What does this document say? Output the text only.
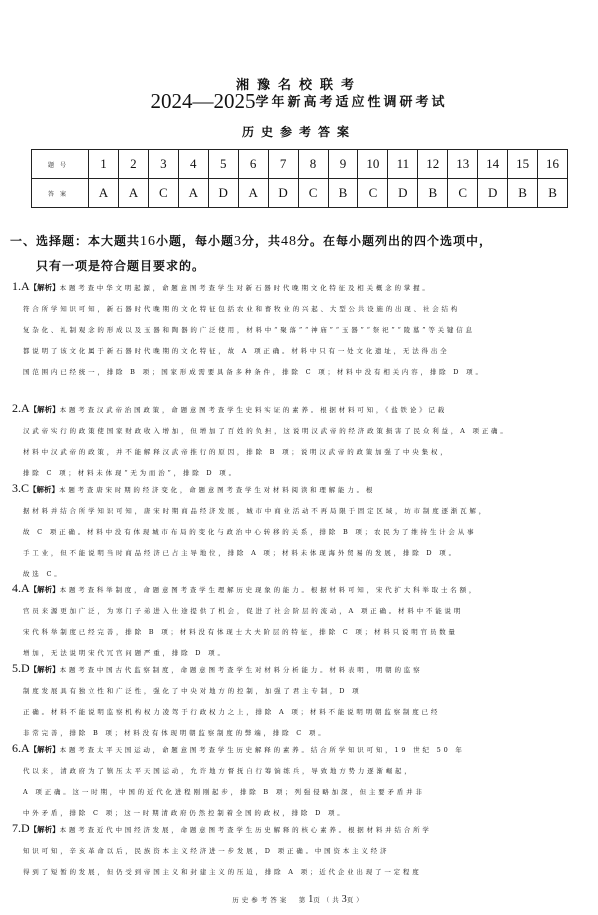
湘豫名校联考
2024—2025学年新高考适应性调研考试
历史参考答案
题号	1	2	3	4	5	6	7	8	9	10	11	12	13	14	15	16
答案	A	A	C	A	D	A	D	C	B	C	D	B	C	D	B	B
一、选择题：本大题共16小题，每小题3分，共48分。在每小题列出的四个选项中，
只有一项是符合题目要求的。

1.A【解析】本题考查中华文明起源，命题意图考查学生对新石器时代晚期文化特征及相关概念的掌握。

符合所学知识可知，新石器时代晚期的文化特征包括农业和畜牧业的兴起、大型公共设施的出现、社会结构

复杂化、礼制观念的形成以及玉器和陶器的广泛使用，材料中“聚落”“神庙”“玉器”“祭祀”“陵墓”等关键信息

都说明了该文化属于新石器时代晚期的文化特征，故 A 项正确。材料中只有一处文化遗址，无法得出全

国范围内已经统一，排除 B 项；国家形成需要具备多种条件，排除 C 项；材料中没有相关内容，排除 D 项。

2.A【解析】本题考查汉武帝治国政策，命题意图考查学生史料实证的素养。根据材料可知，《盐铁论》记载

汉武帝实行的政策使国家财政收入增加，但增加了百姓的负担，这说明汉武帝的经济政策损害了民众利益，A 项正确。

材料中汉武帝的政策，并不能解释汉武帝推行的原因，排除 B 项；说明汉武帝的政策加强了中央集权，

排除 C 项；材料未体现“无为而治”，排除 D 项。

3.C【解析】本题考查唐宋时期的经济变化，命题意图考查学生对材料阅读和理解能力。根

据材料并结合所学知识可知，唐宋时期商品经济发展，城市中商业活动不再局限于固定区域，坊市制度逐渐瓦解，

故 C 项正确。材料中没有体现城市布局的变化与政治中心转移的关系，排除 B 项；农民为了维持生计会从事

手工业，但不能说明当时商品经济已占主导地位，排除 A 项；材料未体现海外贸易的发展，排除 D 项。

故选 C。

4.A【解析】本题考查科举制度，命题意图考查学生理解历史现象的能力。根据材料可知，宋代扩大科举取士名额，

官员来源更加广泛，为寒门子弟进入仕途提供了机会，促进了社会阶层的流动，A 项正确。材料中不能说明

宋代科举制度已经完善，排除 B 项；材料没有体现士大夫阶层的特征，排除 C 项；材料只说明官员数量

增加，无法说明宋代冗官问题严重，排除 D 项。

5.D【解析】本题考查中国古代监察制度，命题意图考查学生对材料分析能力。材料表明，明朝的监察

制度发展具有独立性和广泛性，强化了中央对地方的控制，加强了君主专制，D 项

正确。材料不能说明监察机构权力凌驾于行政权力之上，排除 A 项；材料不能说明明朝监察制度已经

非常完善，排除 B 项；材料没有体现明朝监察制度的弊端，排除 C 项。

6.A【解析】本题考查太平天国运动，命题意图考查学生历史解释的素养。结合所学知识可知，19 世纪 50 年

代以来，清政府为了镇压太平天国运动，允许地方督抚自行筹饷练兵，导致地方势力逐渐崛起，

A 项正确。这一时期，中国的近代化进程刚刚起步，排除 B 项；列强侵略加深，但主要矛盾并非

中外矛盾，排除 C 项；这一时期清政府仍然控制着全国的政权，排除 D 项。

7.D【解析】本题考查近代中国经济发展，命题意图考查学生历史解释的核心素养。根据材料并结合所学

知识可知，辛亥革命以后，民族资本主义经济进一步发展，D 项正确。中国资本主义经济

得到了短暂的发展，但仍受到帝国主义和封建主义的压迫，排除 A 项；近代企业出现了一定程度

历史参考答案　 第1页（共3页）
